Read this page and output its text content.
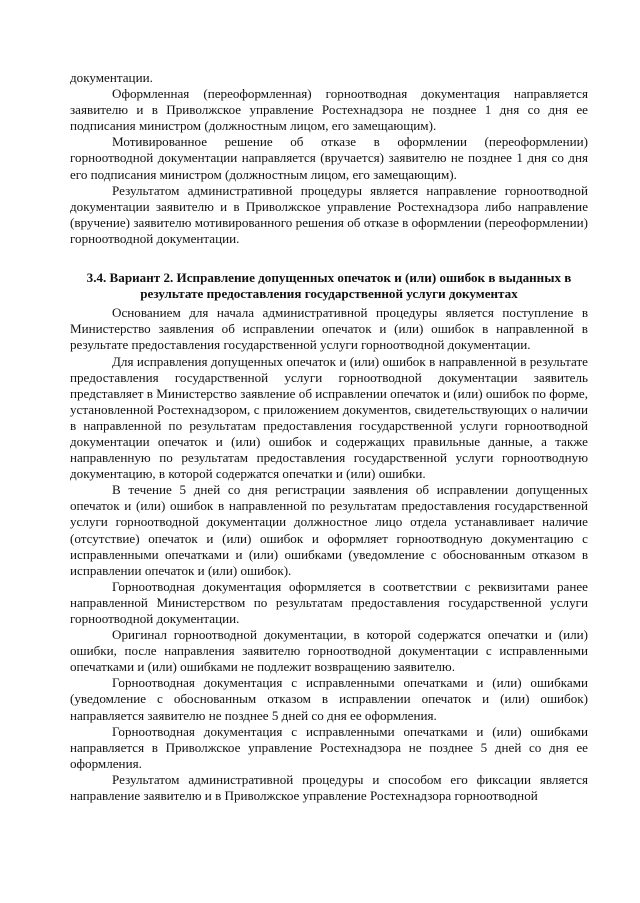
документации.

Оформленная (переоформленная) горноотводная документация направляется заявителю и в Приволжское управление Ростехнадзора не позднее 1 дня со дня ее подписания министром (должностным лицом, его замещающим).

Мотивированное решение об отказе в оформлении (переоформлении) горноотводной документации направляется (вручается) заявителю не позднее 1 дня со дня его подписания министром (должностным лицом, его замещающим).

Результатом административной процедуры является направление горноотводной документации заявителю и в Приволжское управление Ростехнадзора либо направление (вручение) заявителю мотивированного решения об отказе в оформлении (переоформлении) горноотводной документации.

3.4. Вариант 2. Исправление допущенных опечаток и (или) ошибок в выданных в результате предоставления государственной услуги документах

Основанием для начала административной процедуры является поступление в Министерство заявления об исправлении опечаток и (или) ошибок в направленной в результате предоставления государственной услуги горноотводной документации.

Для исправления допущенных опечаток и (или) ошибок в направленной в результате предоставления государственной услуги горноотводной документации заявитель представляет в Министерство заявление об исправлении опечаток и (или) ошибок по форме, установленной Ростехнадзором, с приложением документов, свидетельствующих о наличии в направленной по результатам предоставления государственной услуги горноотводной документации опечаток и (или) ошибок и содержащих правильные данные, а также направленную по результатам предоставления государственной услуги горноотводную документацию, в которой содержатся опечатки и (или) ошибки.

В течение 5 дней со дня регистрации заявления об исправлении допущенных опечаток и (или) ошибок в направленной по результатам предоставления государственной услуги горноотводной документации должностное лицо отдела устанавливает наличие (отсутствие) опечаток и (или) ошибок и оформляет горноотводную документацию с исправленными опечатками и (или) ошибками (уведомление с обоснованным отказом в исправлении опечаток и (или) ошибок).

Горноотводная документация оформляется в соответствии с реквизитами ранее направленной Министерством по результатам предоставления государственной услуги горноотводной документации.

Оригинал горноотводной документации, в которой содержатся опечатки и (или) ошибки, после направления заявителю горноотводной документации с исправленными опечатками и (или) ошибками не подлежит возвращению заявителю.

Горноотводная документация с исправленными опечатками и (или) ошибками (уведомление с обоснованным отказом в исправлении опечаток и (или) ошибок) направляется заявителю не позднее 5 дней со дня ее оформления.

Горноотводная документация с исправленными опечатками и (или) ошибками направляется в Приволжское управление Ростехнадзора не позднее 5 дней со дня ее оформления.

Результатом административной процедуры и способом его фиксации является направление заявителю и в Приволжское управление Ростехнадзора горноотводной
